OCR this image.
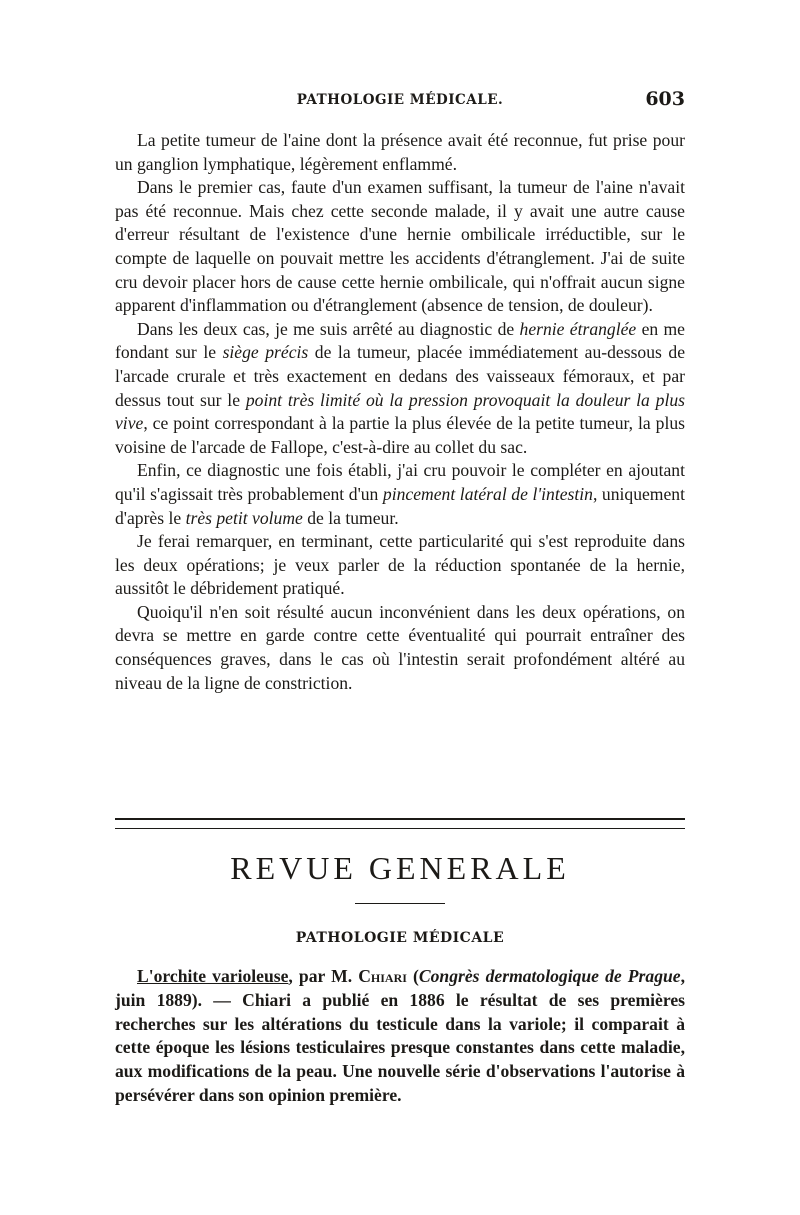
PATHOLOGIE MÉDICALE.	603

La petite tumeur de l'aine dont la présence avait été reconnue, fut prise pour un ganglion lymphatique, légèrement enflammé.

Dans le premier cas, faute d'un examen suffisant, la tumeur de l'aine n'avait pas été reconnue. Mais chez cette seconde malade, il y avait une autre cause d'erreur résultant de l'existence d'une hernie ombilicale irréductible, sur le compte de laquelle on pouvait mettre les accidents d'étranglement. J'ai de suite cru devoir placer hors de cause cette hernie ombilicale, qui n'offrait aucun signe apparent d'inflammation ou d'étranglement (absence de tension, de douleur).

Dans les deux cas, je me suis arrêté au diagnostic de hernie étranglée en me fondant sur le siège précis de la tumeur, placée immédiatement au-dessous de l'arcade crurale et très exactement en dedans des vaisseaux fémoraux, et par dessus tout sur le point très limité où la pression provoquait la douleur la plus vive, ce point correspondant à la partie la plus élevée de la petite tumeur, la plus voisine de l'arcade de Fallope, c'est-à-dire au collet du sac.

Enfin, ce diagnostic une fois établi, j'ai cru pouvoir le compléter en ajoutant qu'il s'agissait très probablement d'un pincement latéral de l'intestin, uniquement d'après le très petit volume de la tumeur.

Je ferai remarquer, en terminant, cette particularité qui s'est reproduite dans les deux opérations; je veux parler de la réduction spontanée de la hernie, aussitôt le débridement pratiqué.

Quoiqu'il n'en soit résulté aucun inconvénient dans les deux opérations, on devra se mettre en garde contre cette éventualité qui pourrait entraîner des conséquences graves, dans le cas où l'intestin serait profondément altéré au niveau de la ligne de constriction.

REVUE GENERALE
PATHOLOGIE MÉDICALE

L'orchite varioleuse, par M. Chiari (Congrès dermatologique de Prague, juin 1889). — Chiari a publié en 1886 le résultat de ses premières recherches sur les altérations du testicule dans la variole; il comparait à cette époque les lésions testiculaires presque constantes dans cette maladie, aux modifications de la peau. Une nouvelle série d'observations l'autorise à persévérer dans son opinion première.
